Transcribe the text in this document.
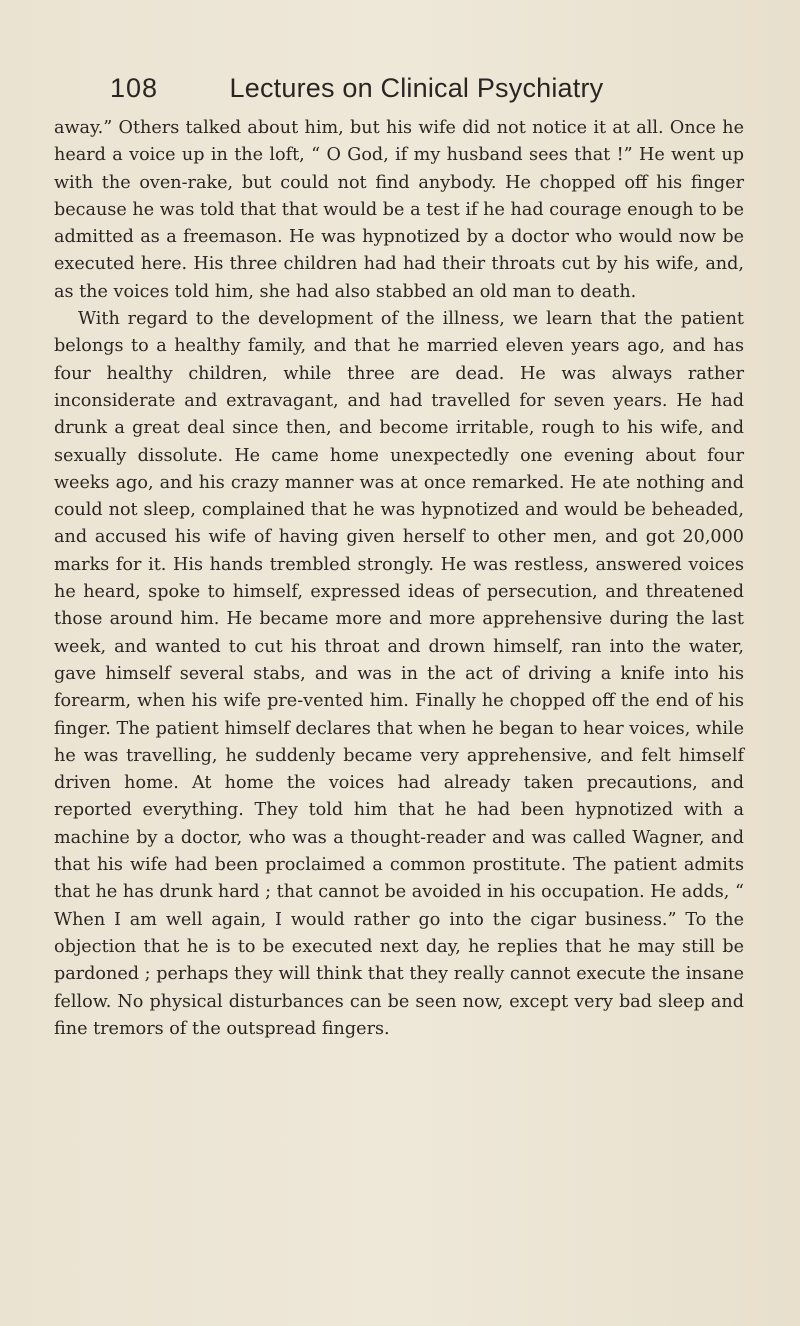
108	Lectures on Clinical Psychiatry

away.” Others talked about him, but his wife did not notice it at all. Once he heard a voice up in the loft, “ O God, if my husband sees that !” He went up with the oven-rake, but could not find anybody. He chopped off his finger because he was told that that would be a test if he had courage enough to be admitted as a freemason. He was hypnotized by a doctor who would now be executed here. His three children had had their throats cut by his wife, and, as the voices told him, she had also stabbed an old man to death.

With regard to the development of the illness, we learn that the patient belongs to a healthy family, and that he married eleven years ago, and has four healthy children, while three are dead. He was always rather inconsiderate and extravagant, and had travelled for seven years. He had drunk a great deal since then, and become irritable, rough to his wife, and sexually dissolute. He came home unexpectedly one evening about four weeks ago, and his crazy manner was at once remarked. He ate nothing and could not sleep, complained that he was hypnotized and would be beheaded, and accused his wife of having given herself to other men, and got 20,000 marks for it. His hands trembled strongly. He was restless, answered voices he heard, spoke to himself, expressed ideas of persecution, and threatened those around him. He became more and more apprehensive during the last week, and wanted to cut his throat and drown himself, ran into the water, gave himself several stabs, and was in the act of driving a knife into his forearm, when his wife pre-vented him. Finally he chopped off the end of his finger. The patient himself declares that when he began to hear voices, while he was travelling, he suddenly became very apprehensive, and felt himself driven home. At home the voices had already taken precautions, and reported everything. They told him that he had been hypnotized with a machine by a doctor, who was a thought-reader and was called Wagner, and that his wife had been proclaimed a common prostitute. The patient admits that he has drunk hard ; that cannot be avoided in his occupation. He adds, “ When I am well again, I would rather go into the cigar business.” To the objection that he is to be executed next day, he replies that he may still be pardoned ; perhaps they will think that they really cannot execute the insane fellow. No physical disturbances can be seen now, except very bad sleep and fine tremors of the outspread fingers.
